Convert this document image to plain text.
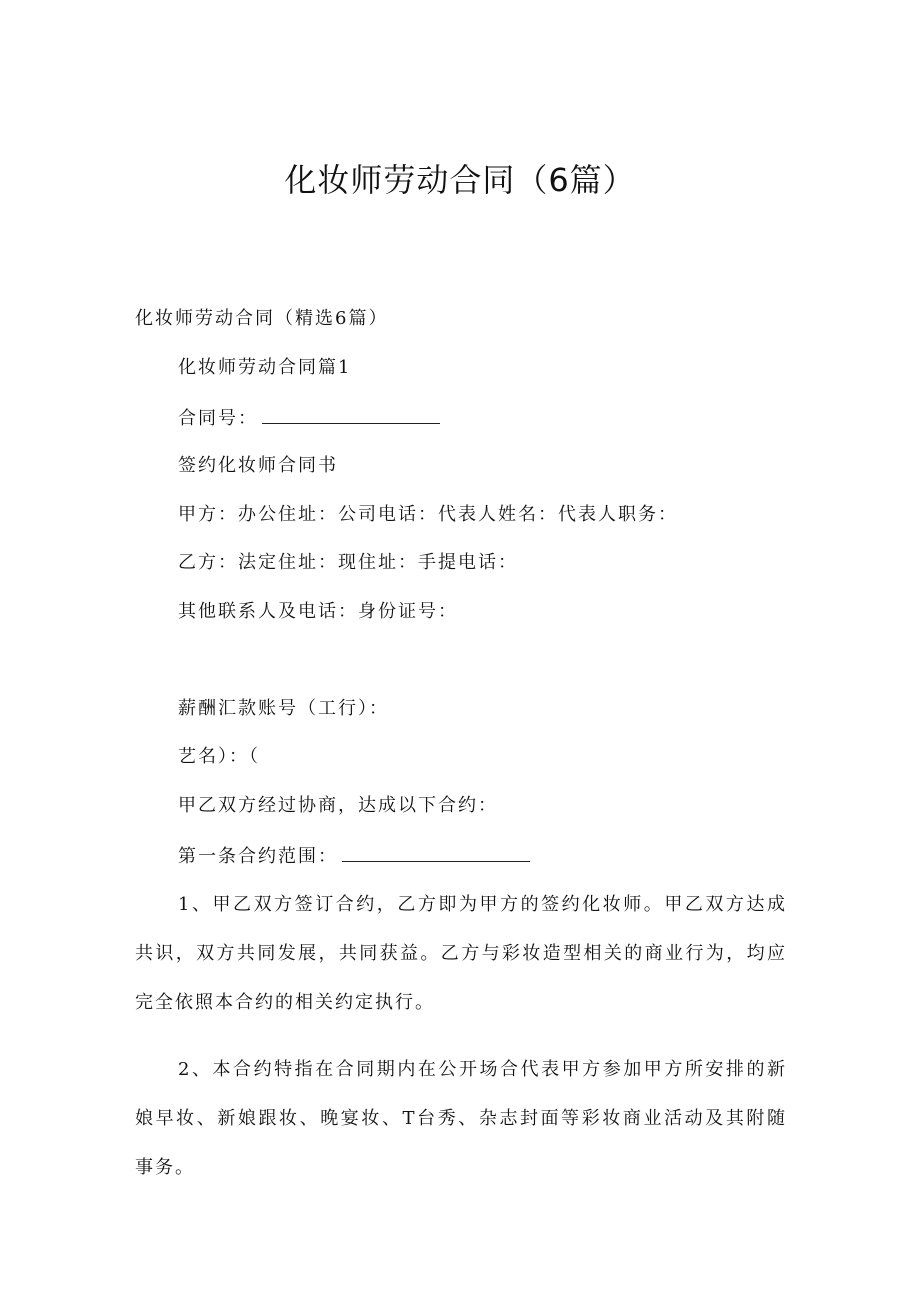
化妆师劳动合同（6篇）
化妆师劳动合同（精选6篇）
化妆师劳动合同篇1
合同号：
签约化妆师合同书
甲方：办公住址：公司电话：代表人姓名：代表人职务：
乙方：法定住址：现住址：手提电话：
其他联系人及电话：身份证号：
薪酬汇款账号（工行）：
艺名）：（
甲乙双方经过协商，达成以下合约：
第一条合约范围：
1、甲乙双方签订合约，乙方即为甲方的签约化妆师。甲乙双方达成共识，双方共同发展，共同获益。乙方与彩妆造型相关的商业行为，均应完全依照本合约的相关约定执行。
2、本合约特指在合同期内在公开场合代表甲方参加甲方所安排的新娘早妆、新娘跟妆、晚宴妆、T台秀、杂志封面等彩妆商业活动及其附随事务。
